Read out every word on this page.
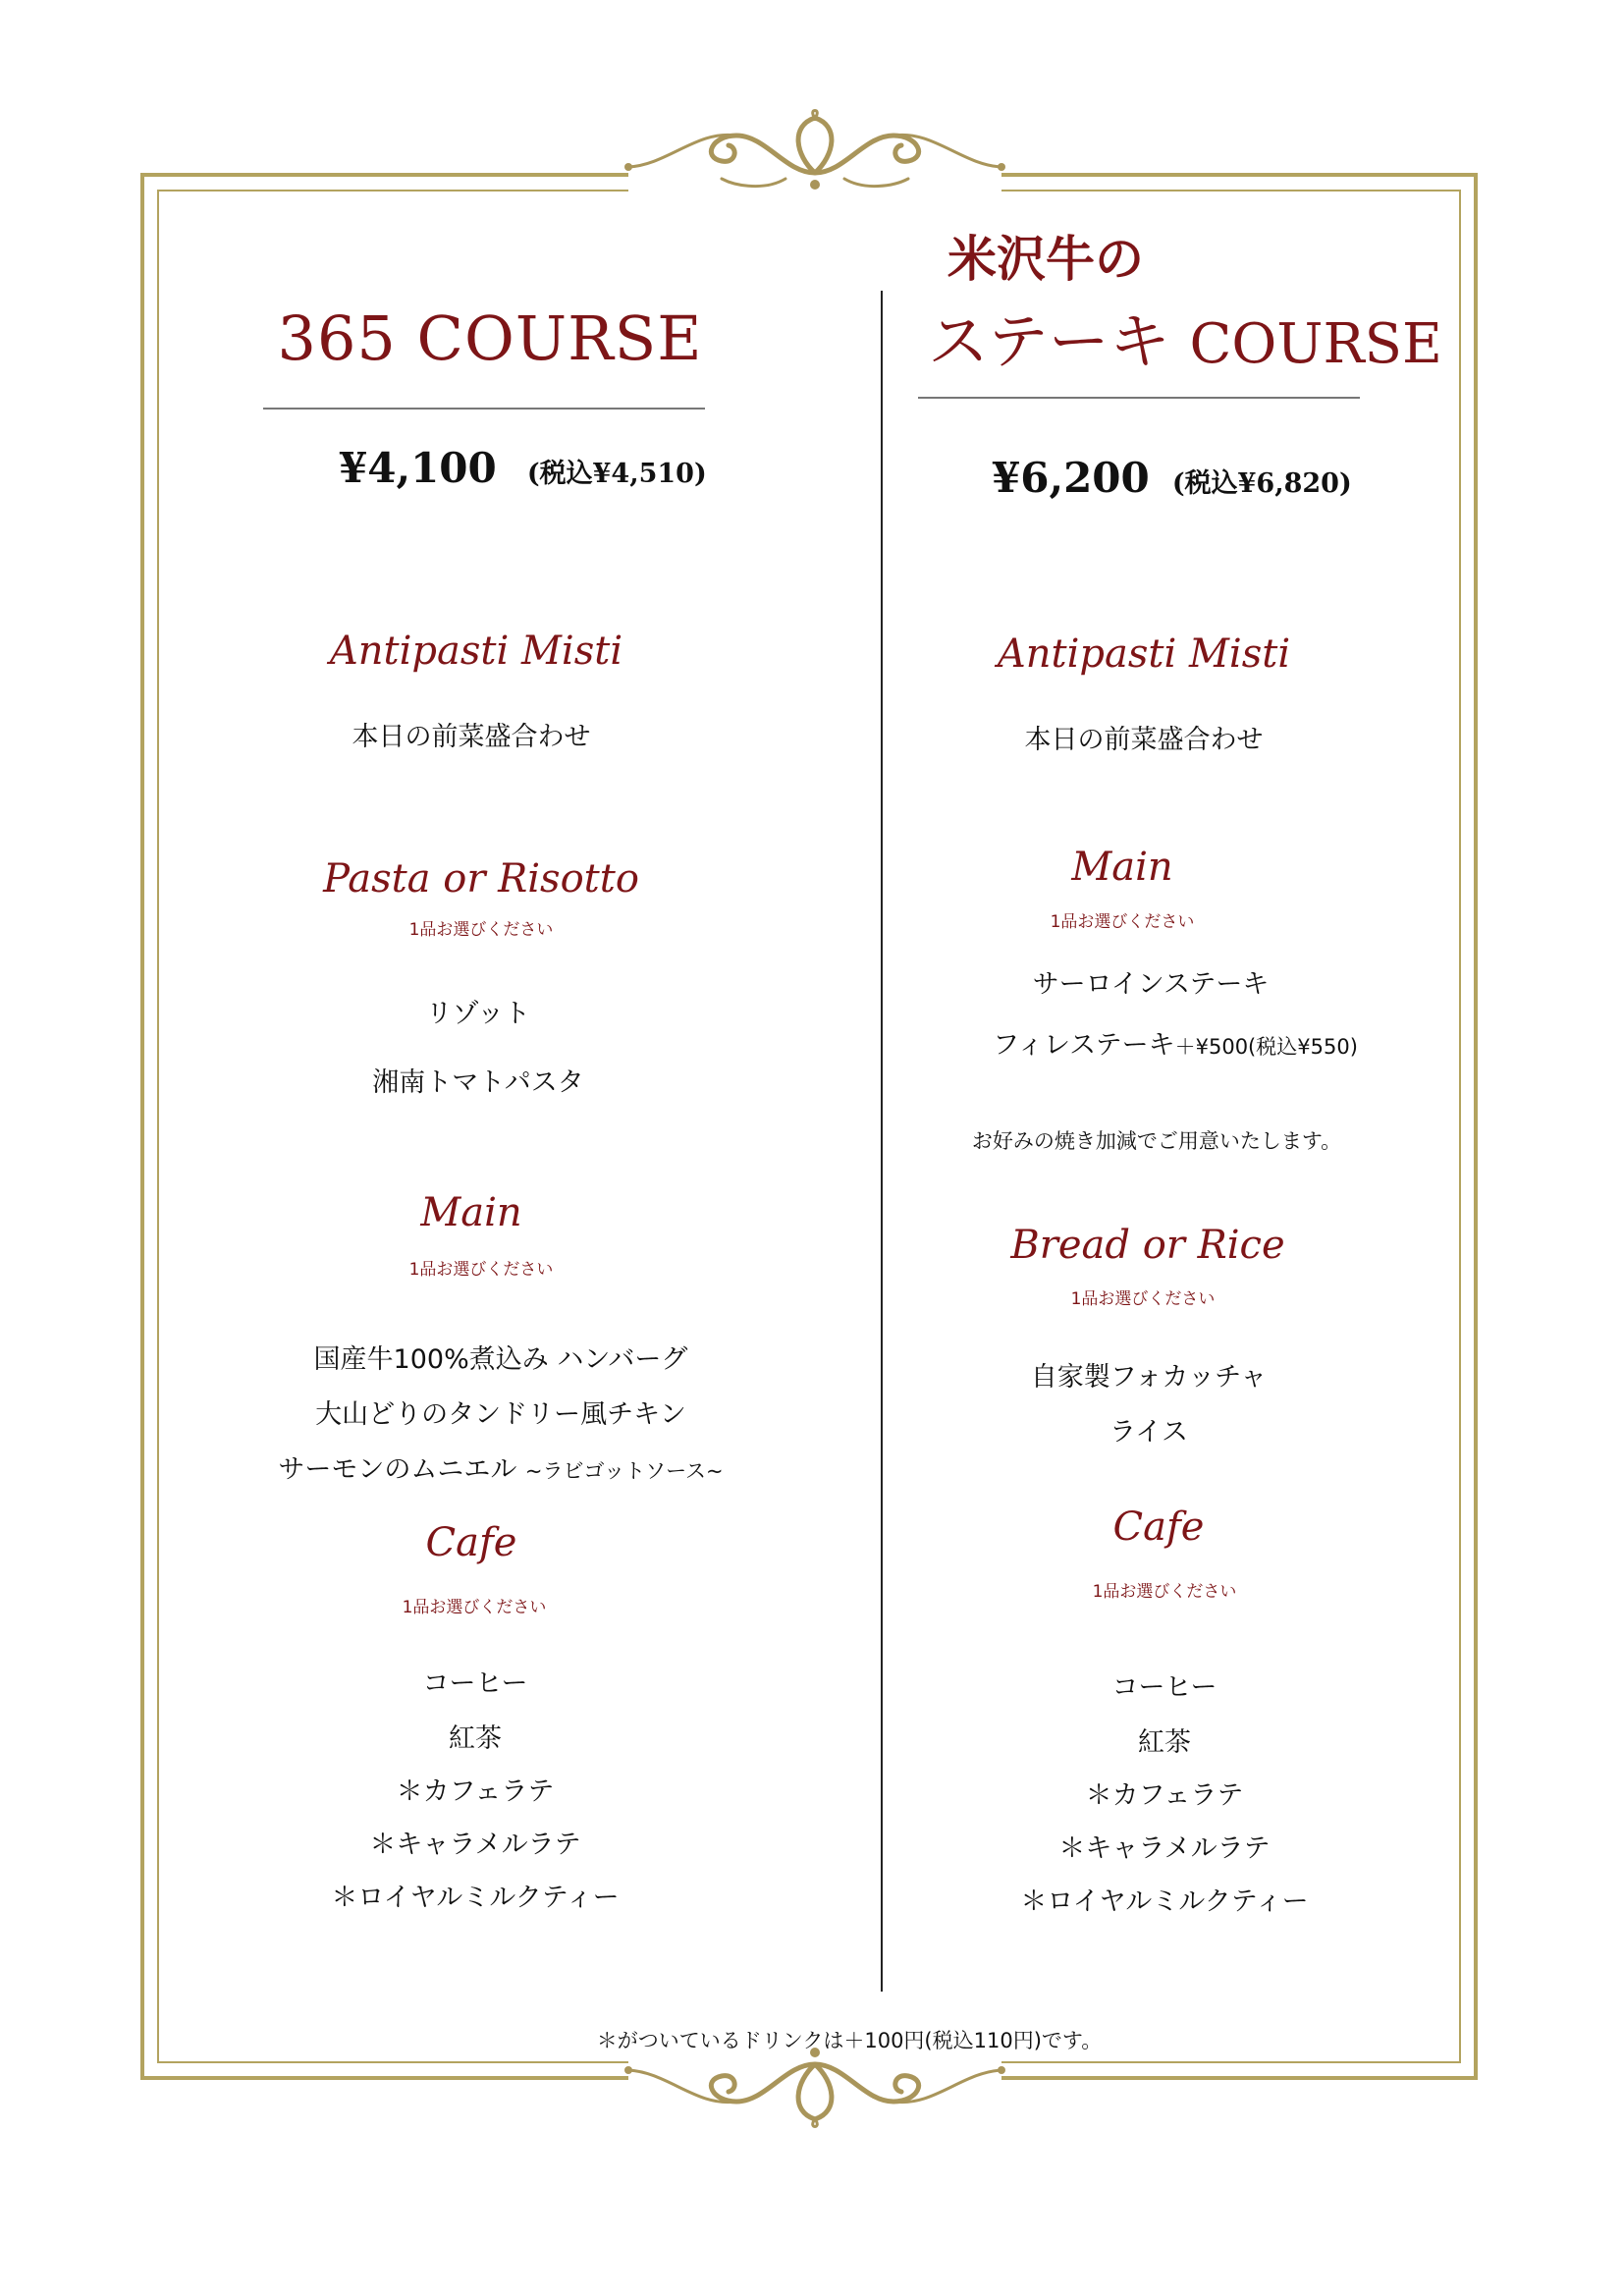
365 COURSE
¥4,100 (税込¥4,510)
Antipasti Misti
本日の前菜盛合わせ
Pasta or Risotto
1品お選びください
リゾット
湘南トマトパスタ
Main
1品お選びください
国産牛100%煮込み ハンバーグ
大山どりのタンドリー風チキン
サーモンのムニエル ~ラビゴットソース~
Cafe
1品お選びください
コーヒー
紅茶
＊カフェラテ
＊キャラメルラテ
＊ロイヤルミルクティー
米沢牛の
ステーキ COURSE
¥6,200 (税込¥6,820)
Antipasti Misti
本日の前菜盛合わせ
Main
1品お選びください
サーロインステーキ
フィレステーキ＋¥500(税込¥550)
お好みの焼き加減でご用意いたします。
Bread or Rice
1品お選びください
自家製フォカッチャ
ライス
Cafe
1品お選びください
コーヒー
紅茶
＊カフェラテ
＊キャラメルラテ
＊ロイヤルミルクティー
＊がついているドリンクは＋100円(税込110円)です。
